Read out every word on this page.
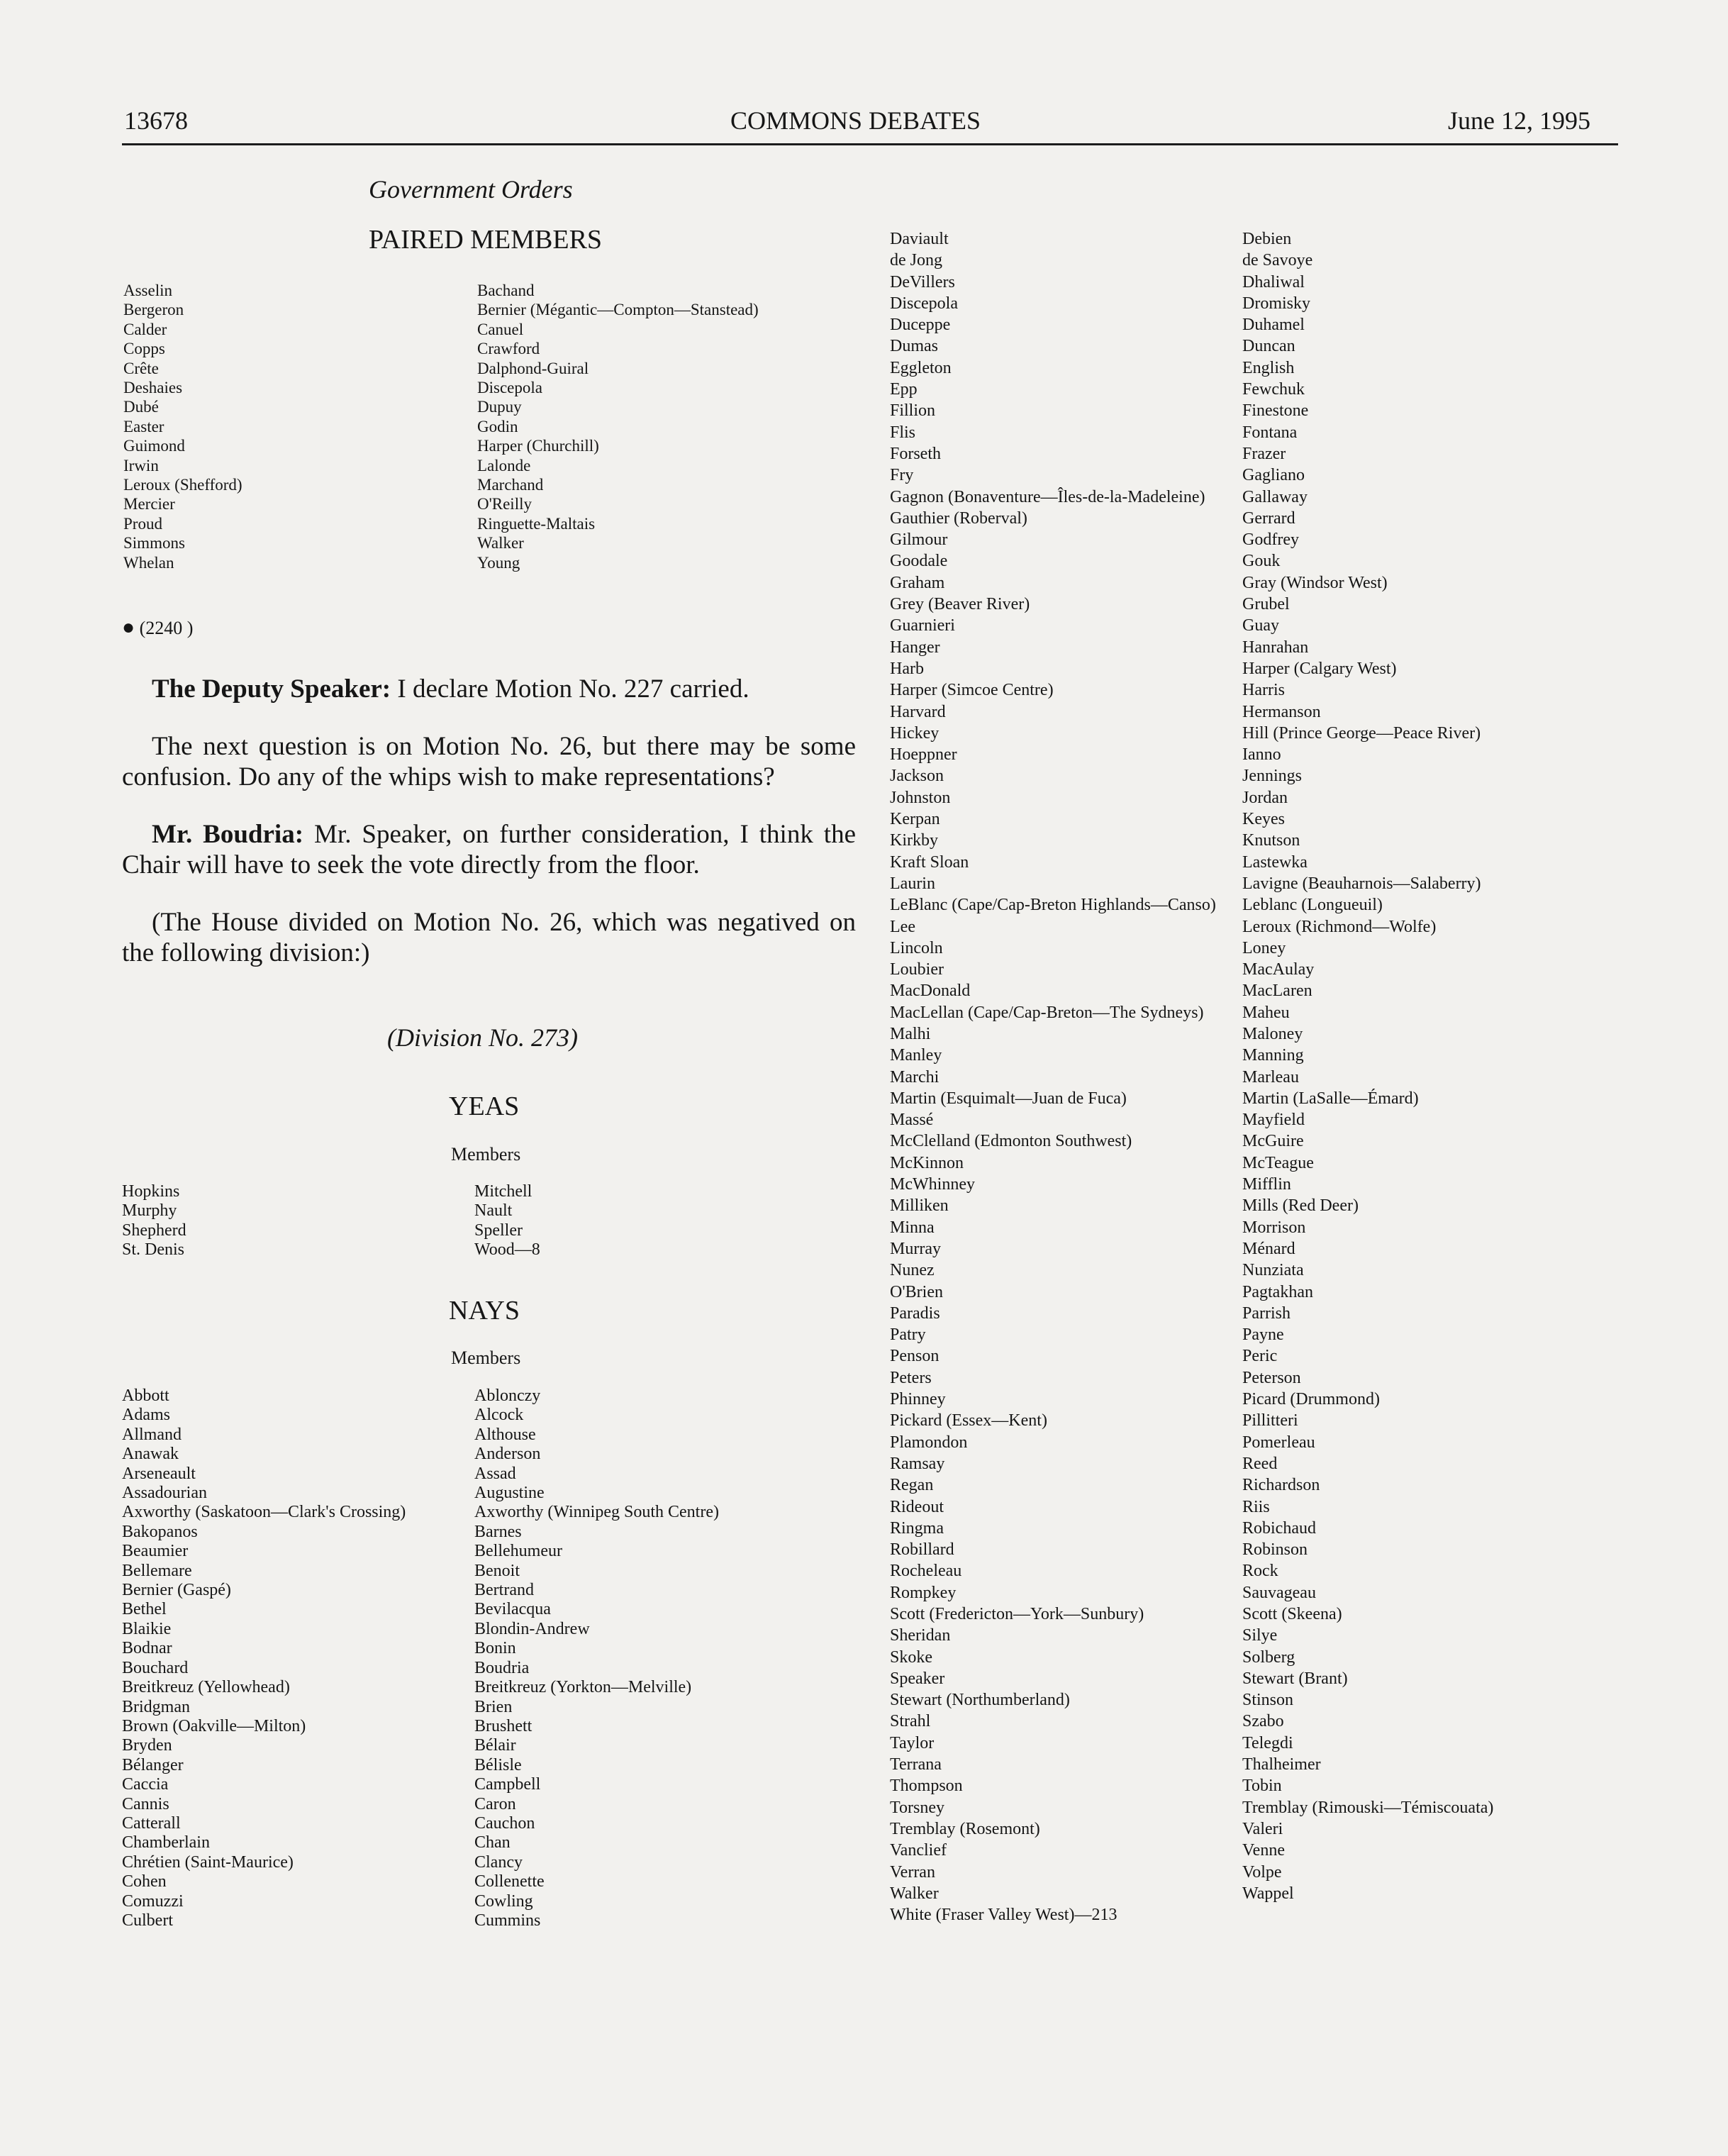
13678	COMMONS DEBATES	June 12, 1995
Government Orders
PAIRED MEMBERS
Asselin
Bergeron
Calder
Copps
Crête
Deshaies
Dubé
Easter
Guimond
Irwin
Leroux (Shefford)
Mercier
Proud
Simmons
Whelan
Bachand
Bernier (Mégantic—Compton—Stanstead)
Canuel
Crawford
Dalphond-Guiral
Discepola
Dupuy
Godin
Harper (Churchill)
Lalonde
Marchand
O'Reilly
Ringuette-Maltais
Walker
Young
● (2240 )

The Deputy Speaker: I declare Motion No. 227 carried.

The next question is on Motion No. 26, but there may be some confusion. Do any of the whips wish to make representations?

Mr. Boudria: Mr. Speaker, on further consideration, I think the Chair will have to seek the vote directly from the floor.

(The House divided on Motion No. 26, which was negatived on the following division:)

(Division No. 273)
YEAS
Members
Hopkins
Murphy
Shepherd
St. Denis
Mitchell
Nault
Speller
Wood—8
NAYS
Members
Abbott
Adams
Allmand
Anawak
Arseneault
Assadourian
Axworthy (Saskatoon—Clark's Crossing)
Bakopanos
Beaumier
Bellemare
Bernier (Gaspé)
Bethel
Blaikie
Bodnar
Bouchard
Breitkreuz (Yellowhead)
Bridgman
Brown (Oakville—Milton)
Bryden
Bélanger
Caccia
Cannis
Catterall
Chamberlain
Chrétien (Saint-Maurice)
Cohen
Comuzzi
Culbert
Ablonczy
Alcock
Althouse
Anderson
Assad
Augustine
Axworthy (Winnipeg South Centre)
Barnes
Bellehumeur
Benoit
Bertrand
Bevilacqua
Blondin-Andrew
Bonin
Boudria
Breitkreuz (Yorkton—Melville)
Brien
Brushett
Bélair
Bélisle
Campbell
Caron
Cauchon
Chan
Clancy
Collenette
Cowling
Cummins
Daviault
de Jong
DeVillers
Discepola
Duceppe
Dumas
Eggleton
Epp
Fillion
Flis
Forseth
Fry
Gagnon (Bonaventure—Îles-de-la-Madeleine)
Gauthier (Roberval)
Gilmour
Goodale
Graham
Grey (Beaver River)
Guarnieri
Hanger
Harb
Harper (Simcoe Centre)
Harvard
Hickey
Hoeppner
Jackson
Johnston
Kerpan
Kirkby
Kraft Sloan
Laurin
LeBlanc (Cape/Cap-Breton Highlands—Canso)
Lee
Lincoln
Loubier
MacDonald
MacLellan (Cape/Cap-Breton—The Sydneys)
Malhi
Manley
Marchi
Martin (Esquimalt—Juan de Fuca)
Massé
McClelland (Edmonton Southwest)
McKinnon
McWhinney
Milliken
Minna
Murray
Nunez
O'Brien
Paradis
Patry
Penson
Peters
Phinney
Pickard (Essex—Kent)
Plamondon
Ramsay
Regan
Rideout
Ringma
Robillard
Rocheleau
Rompkey
Scott (Fredericton—York—Sunbury)
Sheridan
Skoke
Speaker
Stewart (Northumberland)
Strahl
Taylor
Terrana
Thompson
Torsney
Tremblay (Rosemont)
Vanclief
Verran
Walker
White (Fraser Valley West)—213
Debien
de Savoye
Dhaliwal
Dromisky
Duhamel
Duncan
English
Fewchuk
Finestone
Fontana
Frazer
Gagliano
Gallaway
Gerrard
Godfrey
Gouk
Gray (Windsor West)
Grubel
Guay
Hanrahan
Harper (Calgary West)
Harris
Hermanson
Hill (Prince George—Peace River)
Ianno
Jennings
Jordan
Keyes
Knutson
Lastewka
Lavigne (Beauharnois—Salaberry)
Leblanc (Longueuil)
Leroux (Richmond—Wolfe)
Loney
MacAulay
MacLaren
Maheu
Maloney
Manning
Marleau
Martin (LaSalle—Émard)
Mayfield
McGuire
McTeague
Mifflin
Mills (Red Deer)
Morrison
Ménard
Nunziata
Pagtakhan
Parrish
Payne
Peric
Peterson
Picard (Drummond)
Pillitteri
Pomerleau
Reed
Richardson
Riis
Robichaud
Robinson
Rock
Sauvageau
Scott (Skeena)
Silye
Solberg
Stewart (Brant)
Stinson
Szabo
Telegdi
Thalheimer
Tobin
Tremblay (Rimouski—Témiscouata)
Valeri
Venne
Volpe
Wappel
